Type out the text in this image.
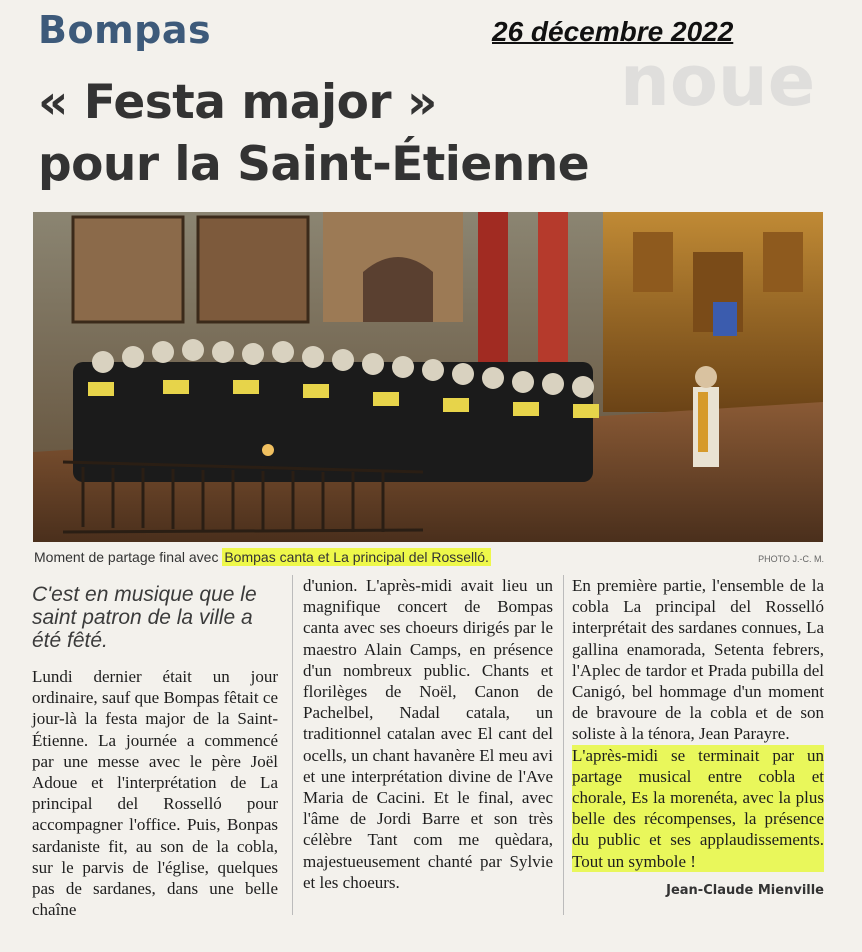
noue
Bompas	26 décembre 2022
« Festa major »
pour la Saint-Étienne
Moment de partage final avec Bompas canta et La principal del Rosselló.	PHOTO J.-C. M.
C'est en musique que le saint patron de la ville a été fêté.

Lundi dernier était un jour ordinaire, sauf que Bompas fêtait ce jour-là la festa major de la Saint-Étienne. La journée a commencé par une messe avec le père Joël Adoue et l'interprétation de La principal del Rosselló pour accompagner l'office. Puis, Bonpas sardaniste fit, au son de la cobla, sur le parvis de l'église, quelques pas de sardanes, dans une belle chaîne

d'union. L'après-midi avait lieu un magnifique concert de Bompas canta avec ses choeurs dirigés par le maestro Alain Camps, en présence d'un nombreux public. Chants et florilèges de Noël, Canon de Pachelbel, Nadal catala, un traditionnel catalan avec El cant del ocells, un chant havanère El meu avi et une interprétation divine de l'Ave Maria de Cacini. Et le final, avec l'âme de Jordi Barre et son très célèbre Tant com me quèdara, majestueusement chanté par Sylvie et les choeurs.

En première partie, l'ensemble de la cobla La principal del Rosselló interprétait des sardanes connues, La gallina enamorada, Setenta febrers, l'Aplec de tardor et Prada pubilla del Canigó, bel hommage d'un moment de bravoure de la cobla et de son soliste à la ténora, Jean Parayre.

L'après-midi se terminait par un partage musical entre cobla et chorale, Es la morenéta, avec la plus belle des récompenses, la présence du public et ses applaudissements. Tout un symbole !

Jean-Claude Mienville
